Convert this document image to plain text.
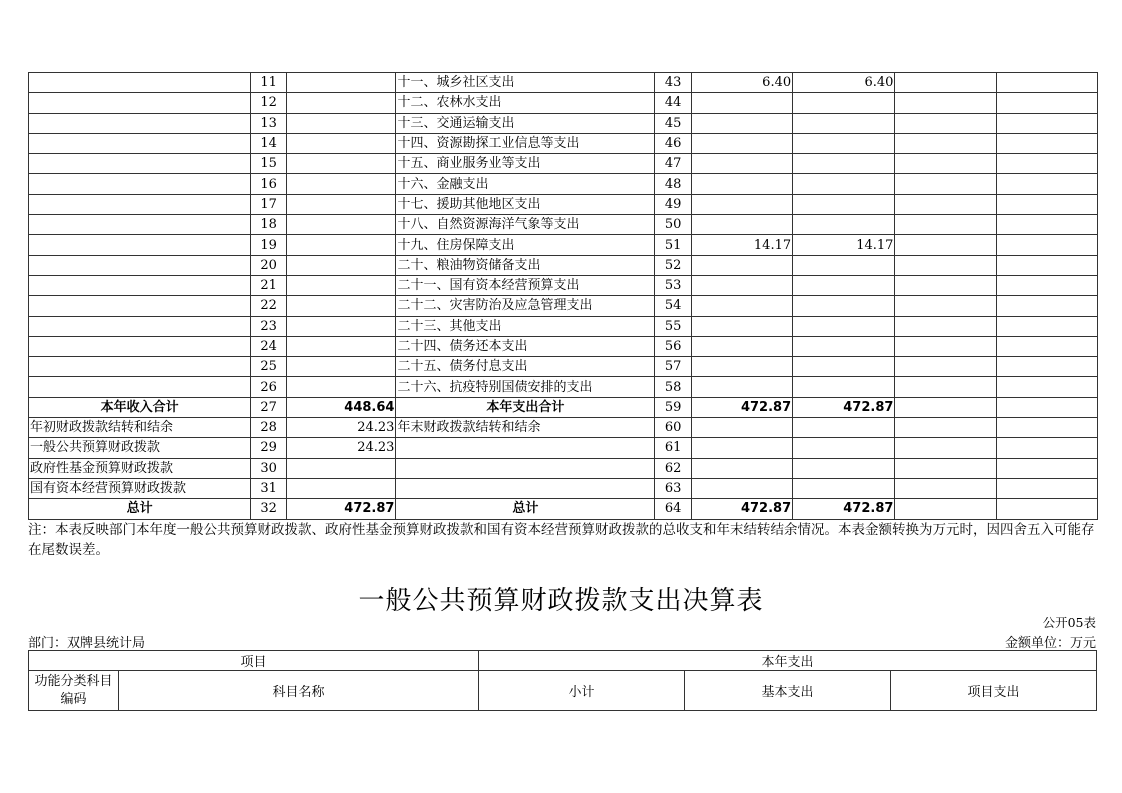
	11		十一、城乡社区支出	43	6.40	6.40		
	12		十二、农林水支出	44				
	13		十三、交通运输支出	45				
	14		十四、资源勘探工业信息等支出	46				
	15		十五、商业服务业等支出	47				
	16		十六、金融支出	48				
	17		十七、援助其他地区支出	49				
	18		十八、自然资源海洋气象等支出	50				
	19		十九、住房保障支出	51	14.17	14.17		
	20		二十、粮油物资储备支出	52				
	21		二十一、国有资本经营预算支出	53				
	22		二十二、灾害防治及应急管理支出	54				
	23		二十三、其他支出	55				
	24		二十四、债务还本支出	56				
	25		二十五、债务付息支出	57				
	26		二十六、抗疫特别国债安排的支出	58				
本年收入合计	27	448.64	本年支出合计	59	472.87	472.87		
年初财政拨款结转和结余	28	24.23	年末财政拨款结转和结余	60				
一般公共预算财政拨款	29	24.23		61				
政府性基金预算财政拨款	30			62				
国有资本经营预算财政拨款	31			63				
总计	32	472.87	总计	64	472.87	472.87		

注：本表反映部门本年度一般公共预算财政拨款、政府性基金预算财政拨款和国有资本经营预算财政拨款的总收支和年末结转结余情况。本表金额转换为万元时，因四舍五入可能存在尾数误差。

一般公共预算财政拨款支出决算表
公开05表
部门：双牌县统计局	金额单位：万元
项目		本年支出		
功能分类科目编码	科目名称	小计	基本支出	项目支出
